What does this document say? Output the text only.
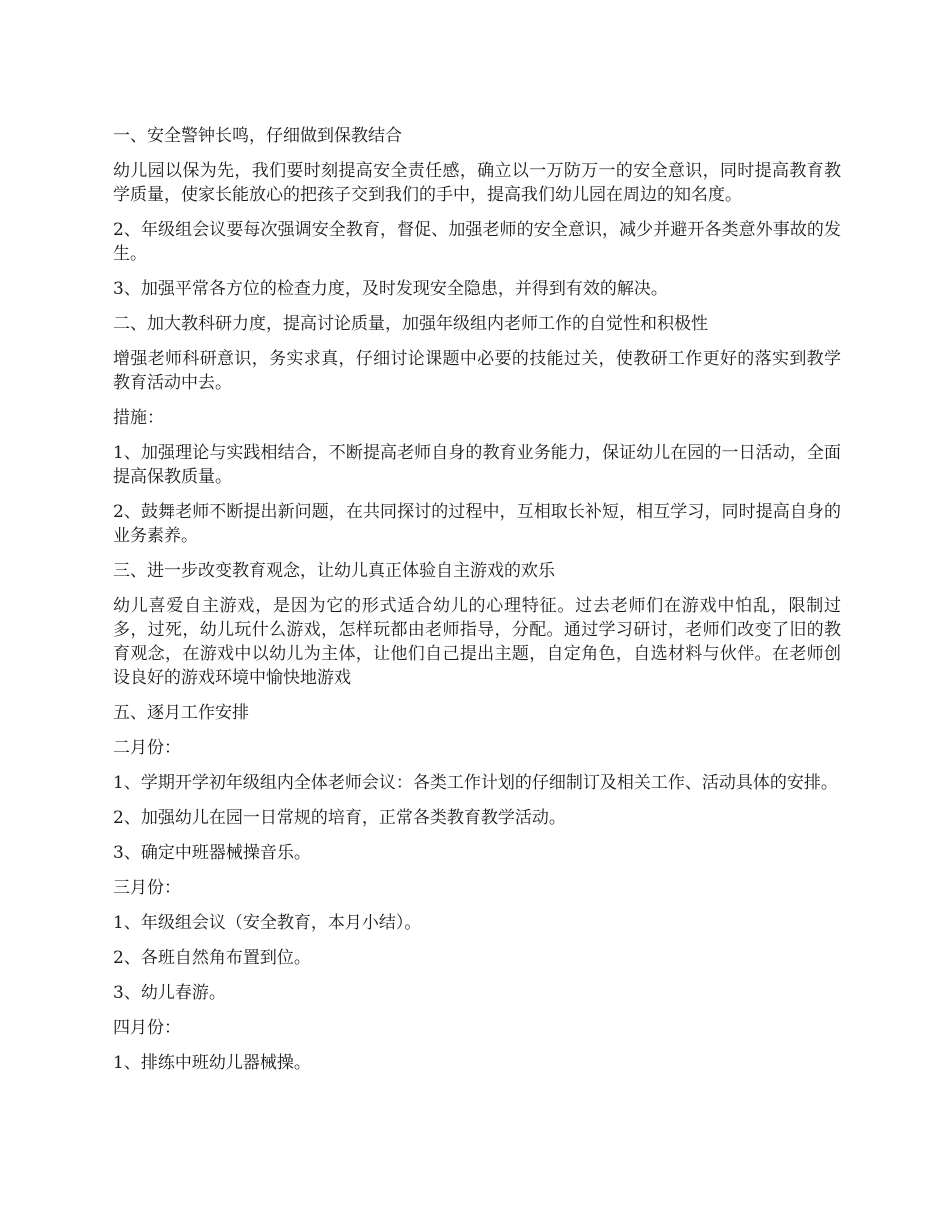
一、安全警钟长鸣，仔细做到保教结合

幼儿园以保为先，我们要时刻提高安全责任感，确立以一万防万一的安全意识，同时提高教育教学质量，使家长能放心的把孩子交到我们的手中，提高我们幼儿园在周边的知名度。

2、年级组会议要每次强调安全教育，督促、加强老师的安全意识，减少并避开各类意外事故的发生。

3、加强平常各方位的检查力度，及时发现安全隐患，并得到有效的解决。

二、加大教科研力度，提高讨论质量，加强年级组内老师工作的自觉性和积极性

增强老师科研意识，务实求真，仔细讨论课题中必要的技能过关，使教研工作更好的落实到教学教育活动中去。

措施：

1、加强理论与实践相结合，不断提高老师自身的教育业务能力，保证幼儿在园的一日活动，全面提高保教质量。

2、鼓舞老师不断提出新问题，在共同探讨的过程中，互相取长补短，相互学习，同时提高自身的业务素养。

三、进一步改变教育观念，让幼儿真正体验自主游戏的欢乐

幼儿喜爱自主游戏，是因为它的形式适合幼儿的心理特征。过去老师们在游戏中怕乱，限制过多，过死，幼儿玩什么游戏，怎样玩都由老师指导，分配。通过学习研讨，老师们改变了旧的教育观念，在游戏中以幼儿为主体，让他们自己提出主题，自定角色，自选材料与伙伴。在老师创设良好的游戏环境中愉快地游戏

五、逐月工作安排

二月份：

1、学期开学初年级组内全体老师会议：各类工作计划的仔细制订及相关工作、活动具体的安排。

2、加强幼儿在园一日常规的培育，正常各类教育教学活动。

3、确定中班器械操音乐。

三月份：

1、年级组会议（安全教育，本月小结）。

2、各班自然角布置到位。

3、幼儿春游。

四月份：

1、排练中班幼儿器械操。
